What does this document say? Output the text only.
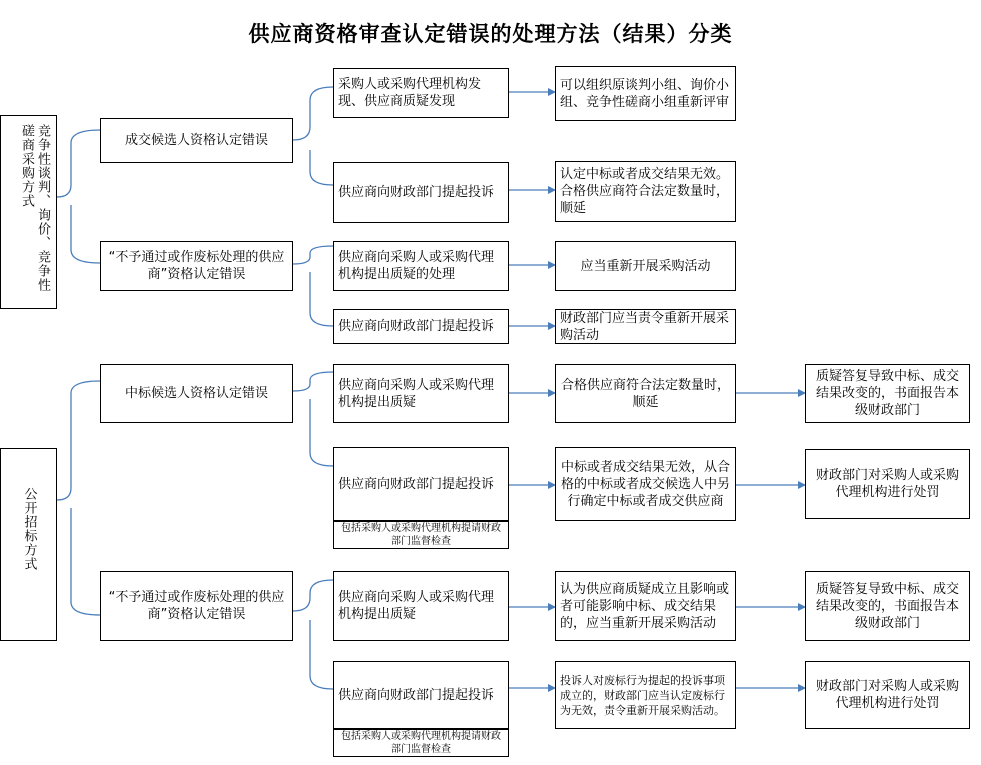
供应商资格审查认定错误的处理方法（结果）分类
竞争性谈判、询价、竞争性磋商采购方式
公开招标方式
成交候选人资格认定错误
“不予通过或作废标处理的供应商”资格认定错误
中标候选人资格认定错误
“不予通过或作废标处理的供应商”资格认定错误
采购人或采购代理机构发现、供应商质疑发现
供应商向财政部门提起投诉
供应商向采购人或采购代理机构提出质疑的处理
供应商向财政部门提起投诉
供应商向采购人或采购代理机构提出质疑
供应商向财政部门提起投诉
包括采购人或采购代理机构提请财政部门监督检查
供应商向采购人或采购代理机构提出质疑
供应商向财政部门提起投诉
包括采购人或采购代理机构提请财政部门监督检查
可以组织原谈判小组、询价小组、竞争性磋商小组重新评审
认定中标或者成交结果无效。合格供应商符合法定数量时，顺延
应当重新开展采购活动
财政部门应当责令重新开展采购活动
合格供应商符合法定数量时，顺延
中标或者成交结果无效，从合格的中标或者成交候选人中另行确定中标或者成交供应商
认为供应商质疑成立且影响或者可能影响中标、成交结果的，应当重新开展采购活动
投诉人对废标行为提起的投诉事项成立的，财政部门应当认定废标行为无效，责令重新开展采购活动。
质疑答复导致中标、成交结果改变的，书面报告本级财政部门
财政部门对采购人或采购代理机构进行处罚
质疑答复导致中标、成交结果改变的，书面报告本级财政部门
财政部门对采购人或采购代理机构进行处罚
